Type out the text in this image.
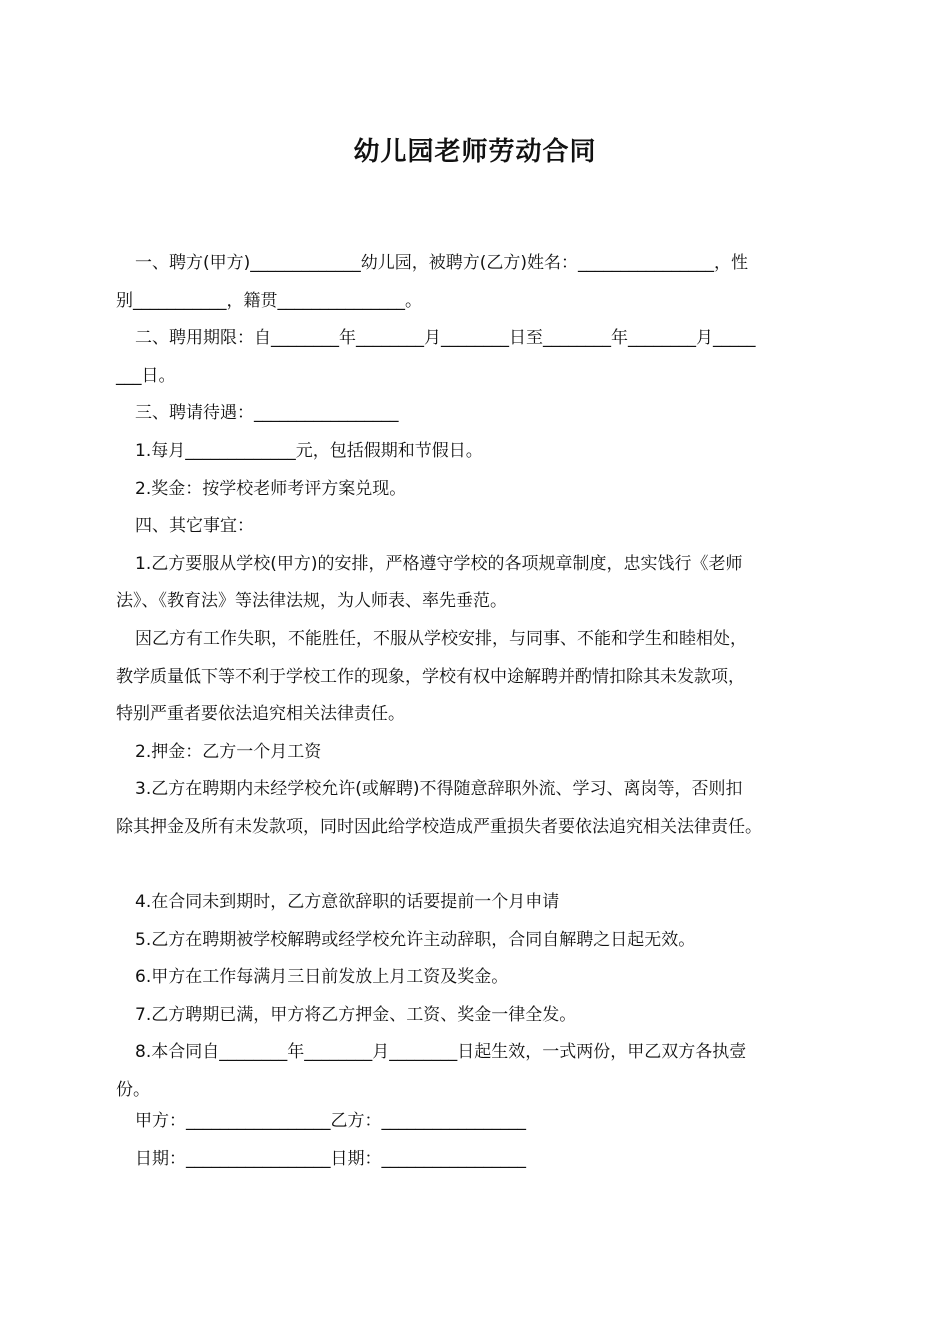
幼儿园老师劳动合同

一、聘方(甲方)_____________幼儿园，被聘方(乙方)姓名：________________，性

别___________，籍贯_______________。

二、聘用期限：自________年________月________日至________年________月_____

___日。

三、聘请待遇：_________________

1.每月_____________元，包括假期和节假日。

2.奖金：按学校老师考评方案兑现。

四、其它事宜：

1.乙方要服从学校(甲方)的安排，严格遵守学校的各项规章制度，忠实饯行《老师

法》、《教育法》等法律法规，为人师表、率先垂范。

因乙方有工作失职，不能胜任，不服从学校安排，与同事、不能和学生和睦相处，

教学质量低下等不利于学校工作的现象，学校有权中途解聘并酌情扣除其未发款项，

特别严重者要依法追究相关法律责任。

2.押金：乙方一个月工资

3.乙方在聘期内未经学校允许(或解聘)不得随意辞职外流、学习、离岗等，否则扣

除其押金及所有未发款项，同时因此给学校造成严重损失者要依法追究相关法律责任。

4.在合同未到期时，乙方意欲辞职的话要提前一个月申请

5.乙方在聘期被学校解聘或经学校允许主动辞职，合同自解聘之日起无效。

6.甲方在工作每满月三日前发放上月工资及奖金。

7.乙方聘期已满，甲方将乙方押金、工资、奖金一律全发。

8.本合同自________年________月________日起生效，一式两份，甲乙双方各执壹

份。

甲方：_________________乙方：_________________
日期：_________________日期：_________________
